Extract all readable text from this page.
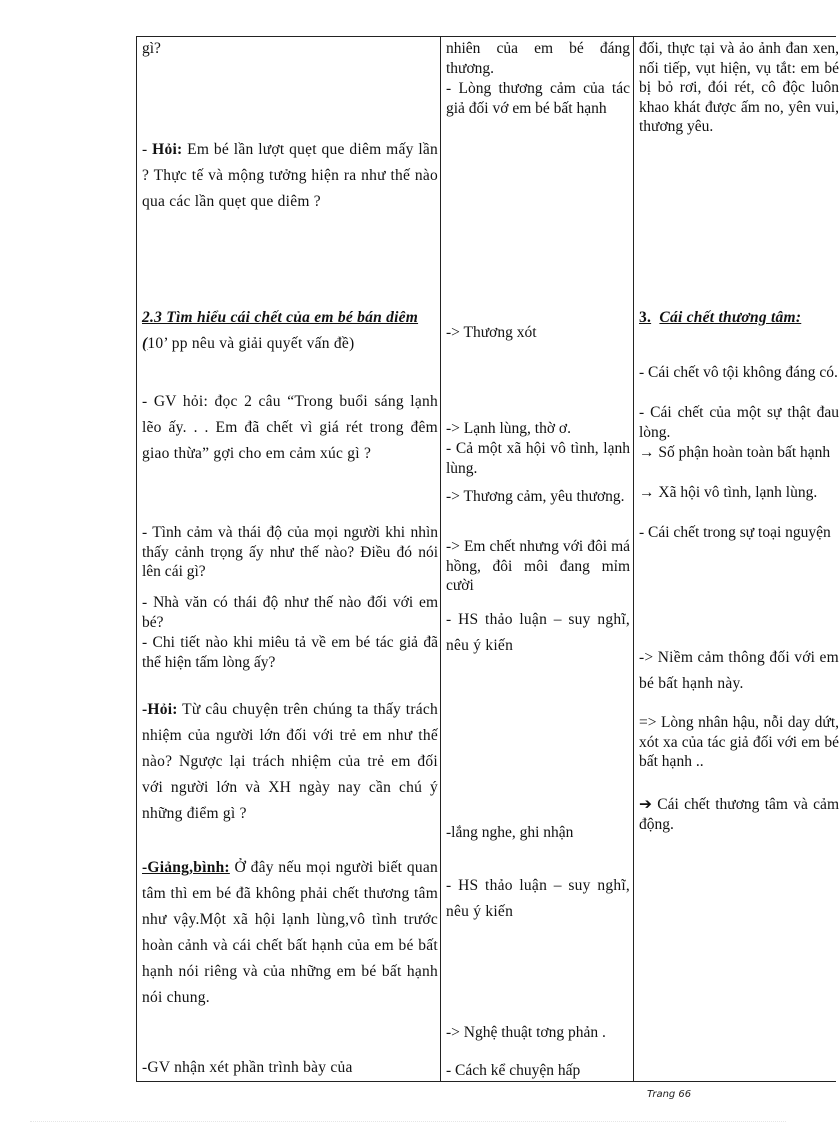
gì?

- Hỏi: Em bé lần lượt quẹt que diêm mấy lần ? Thực tế và mộng tưởng hiện ra như thế nào qua các lần quẹt que diêm ?

2.3 Tìm hiểu cái chết của em bé bán diêm (10’ pp nêu và giải quyết vấn đề)

- GV hỏi: đọc 2 câu “Trong buổi sáng lạnh lẽo ấy. . . Em đã chết vì giá rét trong đêm giao thừa” gợi cho em cảm xúc gì ?
- Tình cảm và thái độ của mọi người khi nhìn thấy cảnh trọng ấy như thế nào? Điều đó nói lên cái gì?
- Nhà văn có thái độ như thế nào đối với em bé?
- Chi tiết nào khi miêu tả về em bé tác giả đã thể hiện tấm lòng ấy?

-Hỏi: Từ câu chuyện trên chúng ta thấy trách nhiệm của người lớn đối với trẻ em như thế nào? Ngược lại trách nhiệm của trẻ em đối với người lớn và XH ngày nay cần chú ý những điểm gì ?

-Giảng,bình: Ở đây nếu mọi người biết quan tâm thì em bé đã không phải chết thương tâm như vậy.Một xã hội lạnh lùng,vô tình trước hoàn cảnh và cái chết bất hạnh của em bé bất hạnh nói riêng và của những em bé bất hạnh nói chung.

-GV nhận xét phần trình bày của
nhiên của em bé đáng thương.
- Lòng thương cảm của tác giả đối vớ em bé bất hạnh
-> Thương xót
-> Lạnh lùng, thờ ơ.
- Cả một xã hội vô tình, lạnh lùng.
-> Thương cảm, yêu thương.
-> Em chết nhưng với đôi má hồng, đôi môi đang mỉm cười
- HS thảo luận – suy nghĩ, nêu ý kiến
-lắng nghe, ghi nhận
- HS thảo luận – suy nghĩ, nêu ý kiến
-> Nghệ thuật tơng phản .
- Cách kể chuyện hấp
đối, thực tại và ảo ảnh đan xen, nối tiếp, vụt hiện, vụ tắt: em bé bị bỏ rơi, đói rét, cô độc luôn khao khát được ấm no, yên vui, thương yêu.

3. Cái chết thương tâm:

- Cái chết vô tội không đáng có.
- Cái chết của một sự thật đau lòng.
→ Số phận hoàn toàn bất hạnh
→ Xã hội vô tình, lạnh lùng.
- Cái chết trong sự toại nguyện
-> Niềm cảm thông đối với em bé bất hạnh này.
=> Lòng nhân hậu, nỗi day dứt, xót xa của tác giả đối với em bé bất hạnh ..
➔ Cái chết thương tâm và cảm động.
Trang 66
